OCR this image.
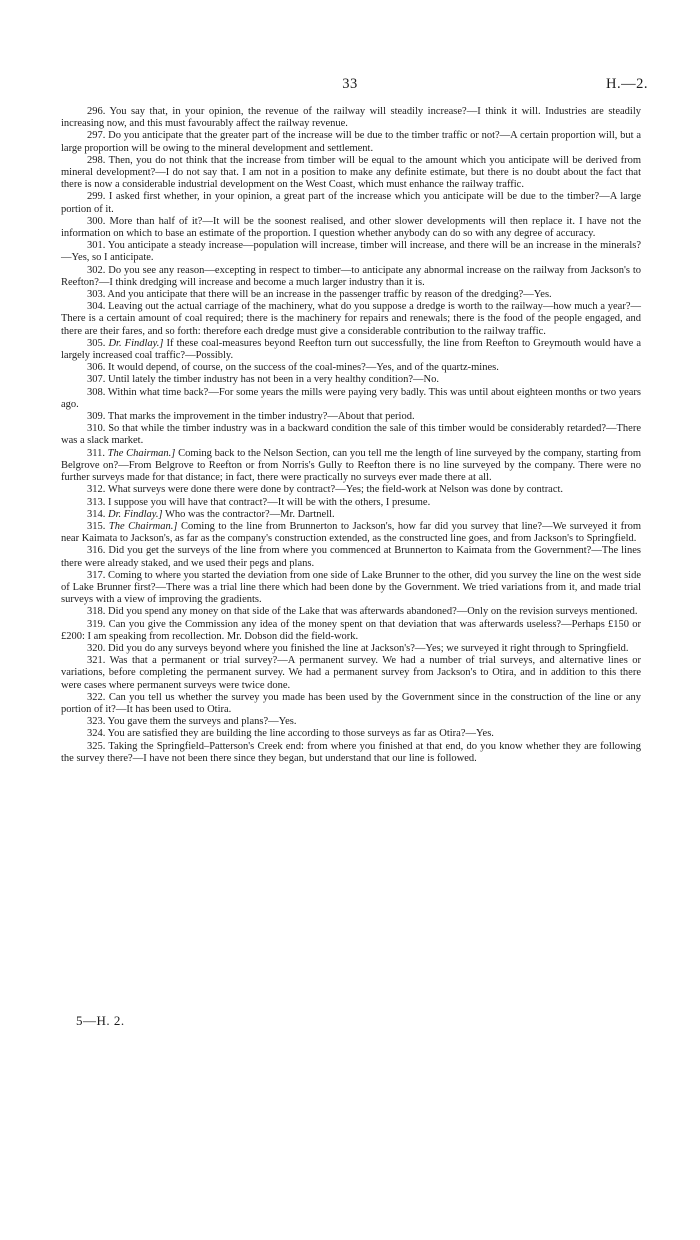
33	H.—2.

296. You say that, in your opinion, the revenue of the railway will steadily increase?—I think it will. Industries are steadily increasing now, and this must favourably affect the railway revenue.

297. Do you anticipate that the greater part of the increase will be due to the timber traffic or not?—A certain proportion will, but a large proportion will be owing to the mineral development and settlement.

298. Then, you do not think that the increase from timber will be equal to the amount which you anticipate will be derived from mineral development?—I do not say that. I am not in a position to make any definite estimate, but there is no doubt about the fact that there is now a considerable industrial development on the West Coast, which must enhance the railway traffic.

299. I asked first whether, in your opinion, a great part of the increase which you anticipate will be due to the timber?—A large portion of it.

300. More than half of it?—It will be the soonest realised, and other slower developments will then replace it. I have not the information on which to base an estimate of the proportion. I question whether anybody can do so with any degree of accuracy.

301. You anticipate a steady increase—population will increase, timber will increase, and there will be an increase in the minerals?—Yes, so I anticipate.

302. Do you see any reason—excepting in respect to timber—to anticipate any abnormal increase on the railway from Jackson's to Reefton?—I think dredging will increase and become a much larger industry than it is.

303. And you anticipate that there will be an increase in the passenger traffic by reason of the dredging?—Yes.

304. Leaving out the actual carriage of the machinery, what do you suppose a dredge is worth to the railway—how much a year?—There is a certain amount of coal required; there is the machinery for repairs and renewals; there is the food of the people engaged, and there are their fares, and so forth: therefore each dredge must give a considerable contribution to the railway traffic.

305. Dr. Findlay.] If these coal-measures beyond Reefton turn out successfully, the line from Reefton to Greymouth would have a largely increased coal traffic?—Possibly.

306. It would depend, of course, on the success of the coal-mines?—Yes, and of the quartz-mines.

307. Until lately the timber industry has not been in a very healthy condition?—No.

308. Within what time back?—For some years the mills were paying very badly. This was until about eighteen months or two years ago.

309. That marks the improvement in the timber industry?—About that period.

310. So that while the timber industry was in a backward condition the sale of this timber would be considerably retarded?—There was a slack market.

311. The Chairman.] Coming back to the Nelson Section, can you tell me the length of line surveyed by the company, starting from Belgrove on?—From Belgrove to Reefton or from Norris's Gully to Reefton there is no line surveyed by the company. There were no further surveys made for that distance; in fact, there were practically no surveys ever made there at all.

312. What surveys were done there were done by contract?—Yes; the field-work at Nelson was done by contract.

313. I suppose you will have that contract?—It will be with the others, I presume.

314. Dr. Findlay.] Who was the contractor?—Mr. Dartnell.

315. The Chairman.] Coming to the line from Brunnerton to Jackson's, how far did you survey that line?—We surveyed it from near Kaimata to Jackson's, as far as the company's construction extended, as the constructed line goes, and from Jackson's to Springfield.

316. Did you get the surveys of the line from where you commenced at Brunnerton to Kaimata from the Government?—The lines there were already staked, and we used their pegs and plans.

317. Coming to where you started the deviation from one side of Lake Brunner to the other, did you survey the line on the west side of Lake Brunner first?—There was a trial line there which had been done by the Government. We tried variations from it, and made trial surveys with a view of improving the gradients.

318. Did you spend any money on that side of the Lake that was afterwards abandoned?—Only on the revision surveys mentioned.

319. Can you give the Commission any idea of the money spent on that deviation that was afterwards useless?—Perhaps £150 or £200: I am speaking from recollection. Mr. Dobson did the field-work.

320. Did you do any surveys beyond where you finished the line at Jackson's?—Yes; we surveyed it right through to Springfield.

321. Was that a permanent or trial survey?—A permanent survey. We had a number of trial surveys, and alternative lines or variations, before completing the permanent survey. We had a permanent survey from Jackson's to Otira, and in addition to this there were cases where permanent surveys were twice done.

322. Can you tell us whether the survey you made has been used by the Government since in the construction of the line or any portion of it?—It has been used to Otira.

323. You gave them the surveys and plans?—Yes.

324. You are satisfied they are building the line according to those surveys as far as Otira?—Yes.

325. Taking the Springfield–Patterson's Creek end: from where you finished at that end, do you know whether they are following the survey there?—I have not been there since they began, but understand that our line is followed.

5—H. 2.
